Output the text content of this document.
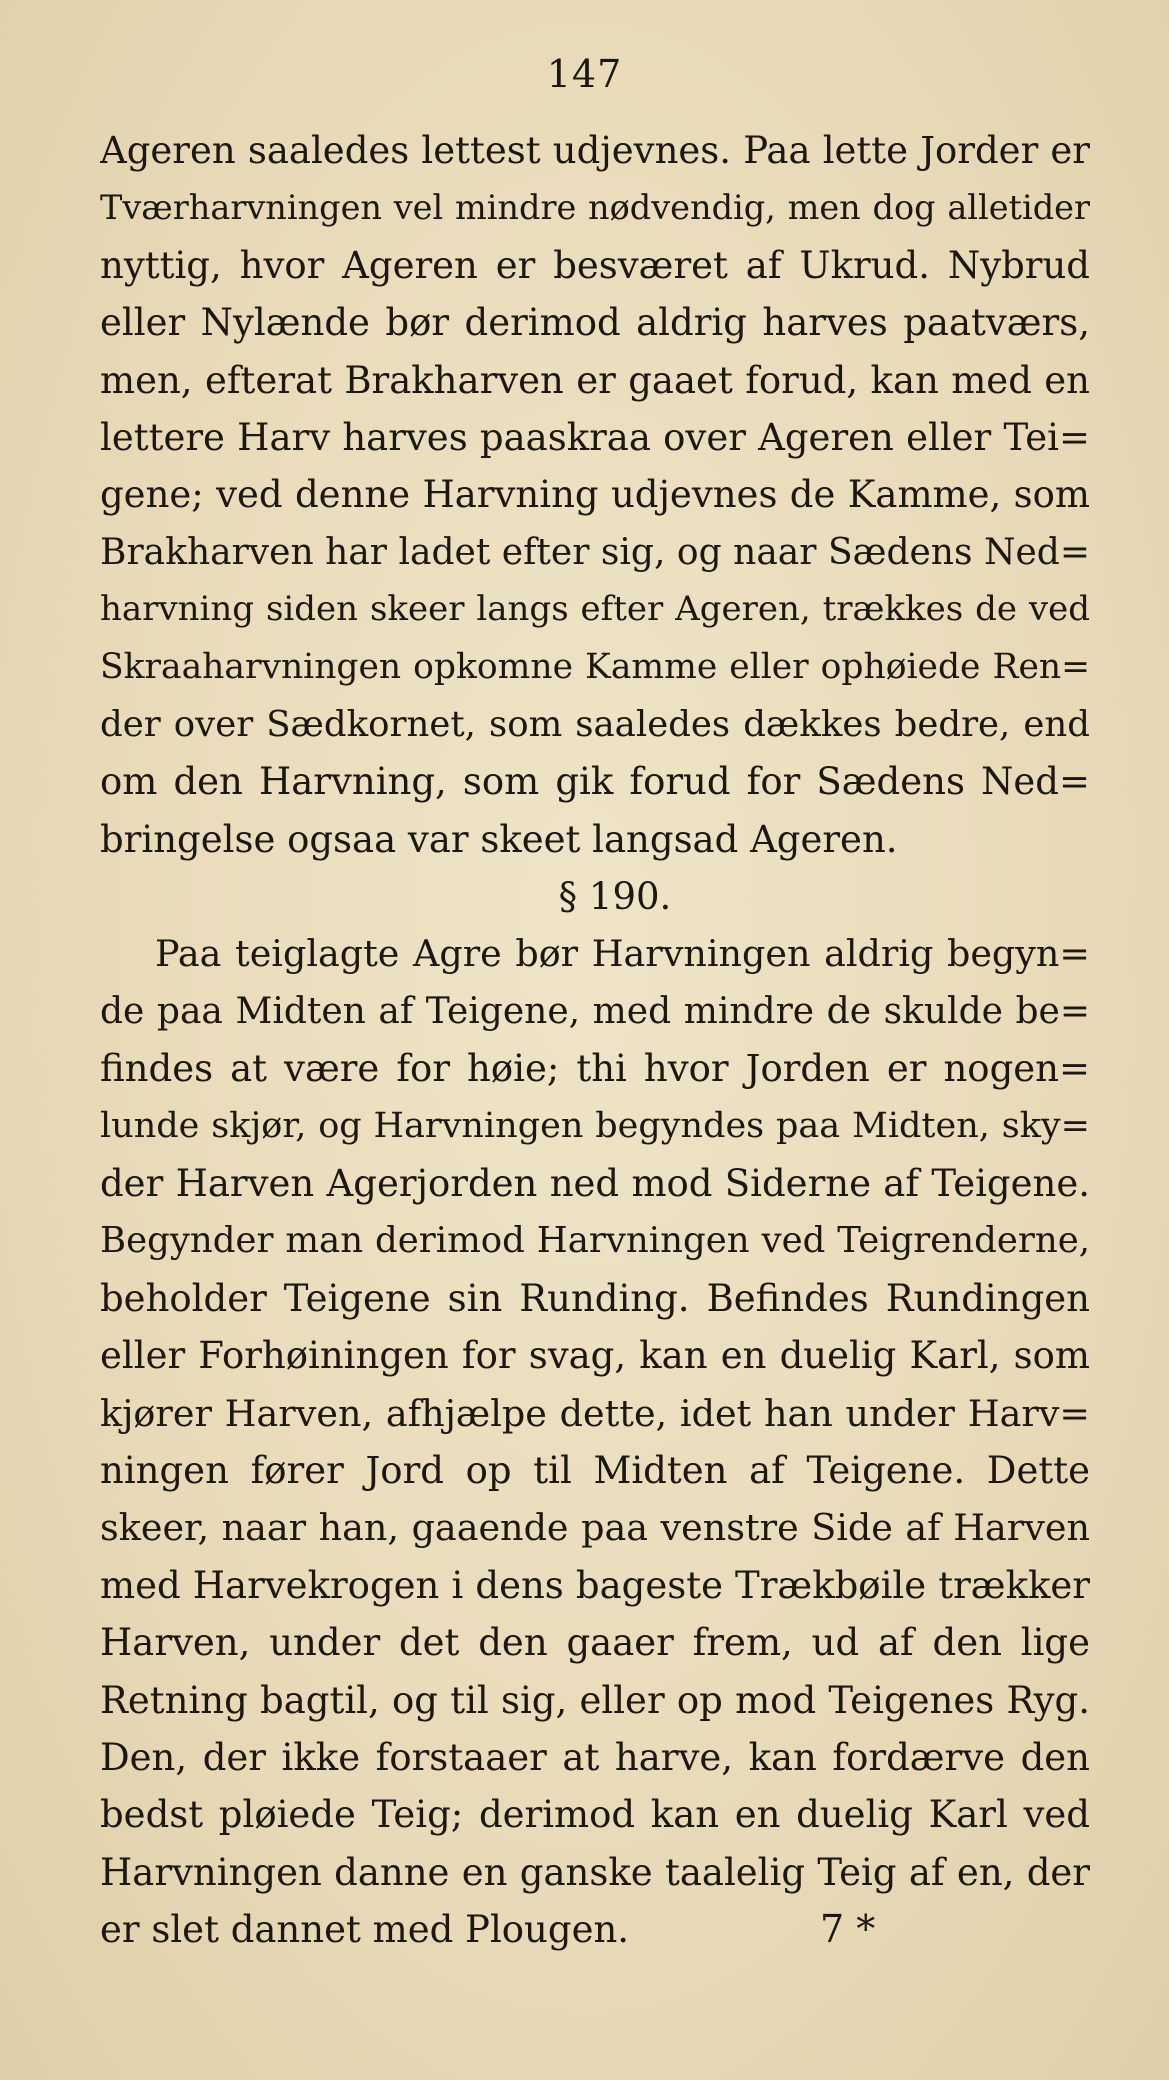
147
Ageren saaledes lettest udjevnes. Paa lette Jorder er
Tværharvningen vel mindre nødvendig, men dog alletider
nyttig, hvor Ageren er besværet af Ukrud. Nybrud
eller Nylænde bør derimod aldrig harves paatværs,
men, efterat Brakharven er gaaet forud, kan med en
lettere Harv harves paaskraa over Ageren eller Tei=
gene; ved denne Harvning udjevnes de Kamme, som
Brakharven har ladet efter sig, og naar Sædens Ned=
harvning siden skeer langs efter Ageren, trækkes de ved
Skraaharvningen opkomne Kamme eller ophøiede Ren=
der over Sædkornet, som saaledes dækkes bedre, end
om den Harvning, som gik forud for Sædens Ned=
bringelse ogsaa var skeet langsad Ageren.
§ 190.
Paa teiglagte Agre bør Harvningen aldrig begyn=
de paa Midten af Teigene, med mindre de skulde be=
findes at være for høie; thi hvor Jorden er nogen=
lunde skjør, og Harvningen begyndes paa Midten, sky=
der Harven Agerjorden ned mod Siderne af Teigene.
Begynder man derimod Harvningen ved Teigrenderne,
beholder Teigene sin Runding. Befindes Rundingen
eller Forhøiningen for svag, kan en duelig Karl, som
kjører Harven, afhjælpe dette, idet han under Harv=
ningen fører Jord op til Midten af Teigene. Dette
skeer, naar han, gaaende paa venstre Side af Harven
med Harvekrogen i dens bageste Trækbøile trækker
Harven, under det den gaaer frem, ud af den lige
Retning bagtil, og til sig, eller op mod Teigenes Ryg.
Den, der ikke forstaaer at harve, kan fordærve den
bedst pløiede Teig; derimod kan en duelig Karl ved
Harvningen danne en ganske taalelig Teig af en, der
er slet dannet med Plougen.	7 *
